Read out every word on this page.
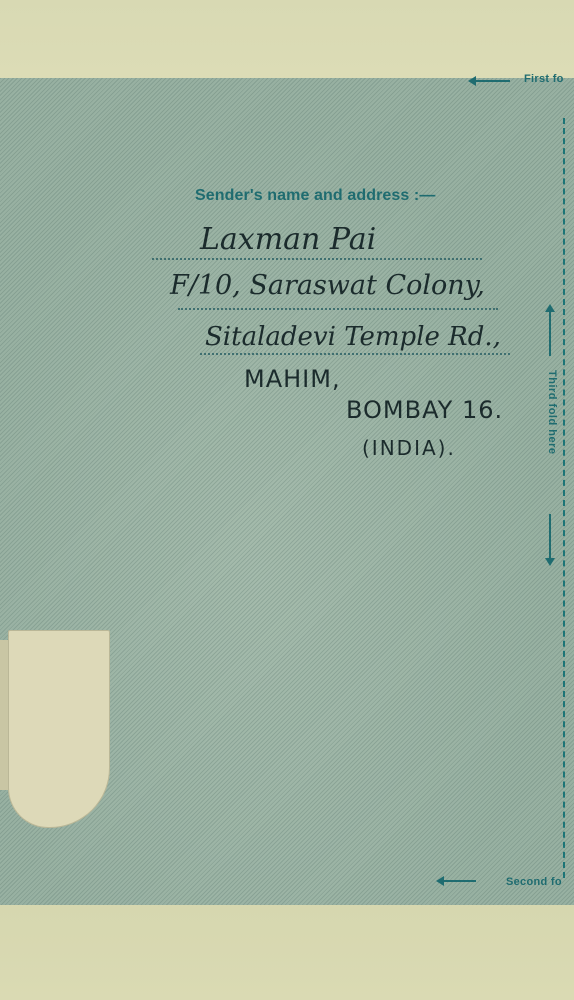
First fo
Second fo
Third fold here
Sender's name and address :—
Laxman Pai
F/10, Saraswat Colony,
Sitaladevi Temple Rd.,
MAHIM,
BOMBAY 16.
(INDIA).
